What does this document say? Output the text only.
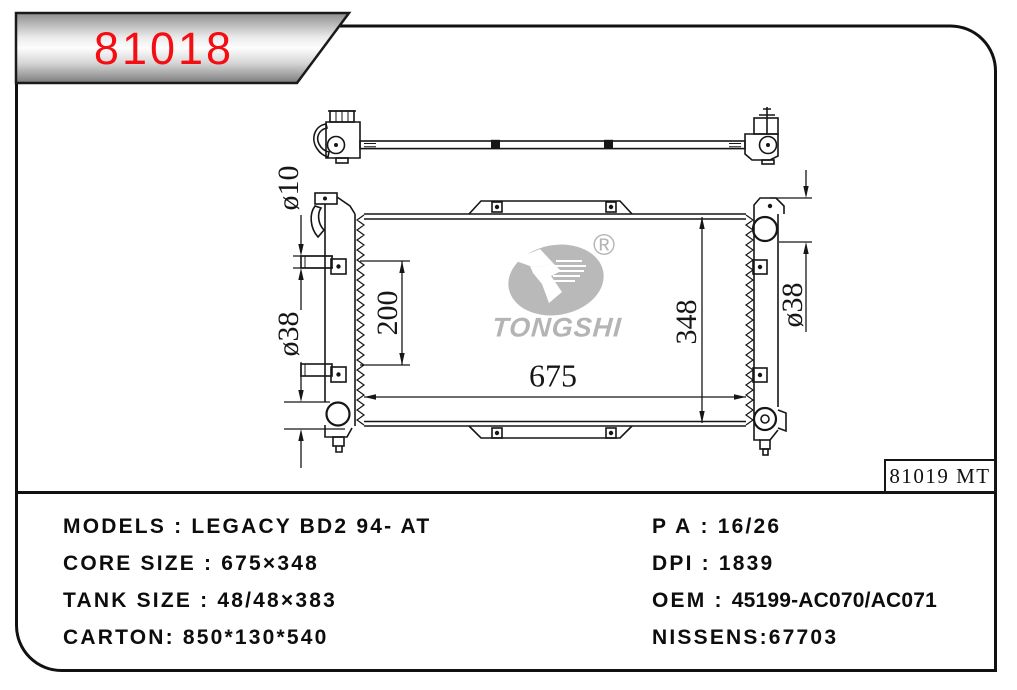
81018
ø10
ø38 200	348
675
ø38
®
TONGSHI
81019 MT
MODELS : LEGACY BD2 94- AT
CORE SIZE : 675×348
TANK SIZE : 48/48×383
CARTON : 850*130*540
P A : 16/26
DPI : 1839
OEM : 45199-AC070/AC071
NISSENS : 67703
